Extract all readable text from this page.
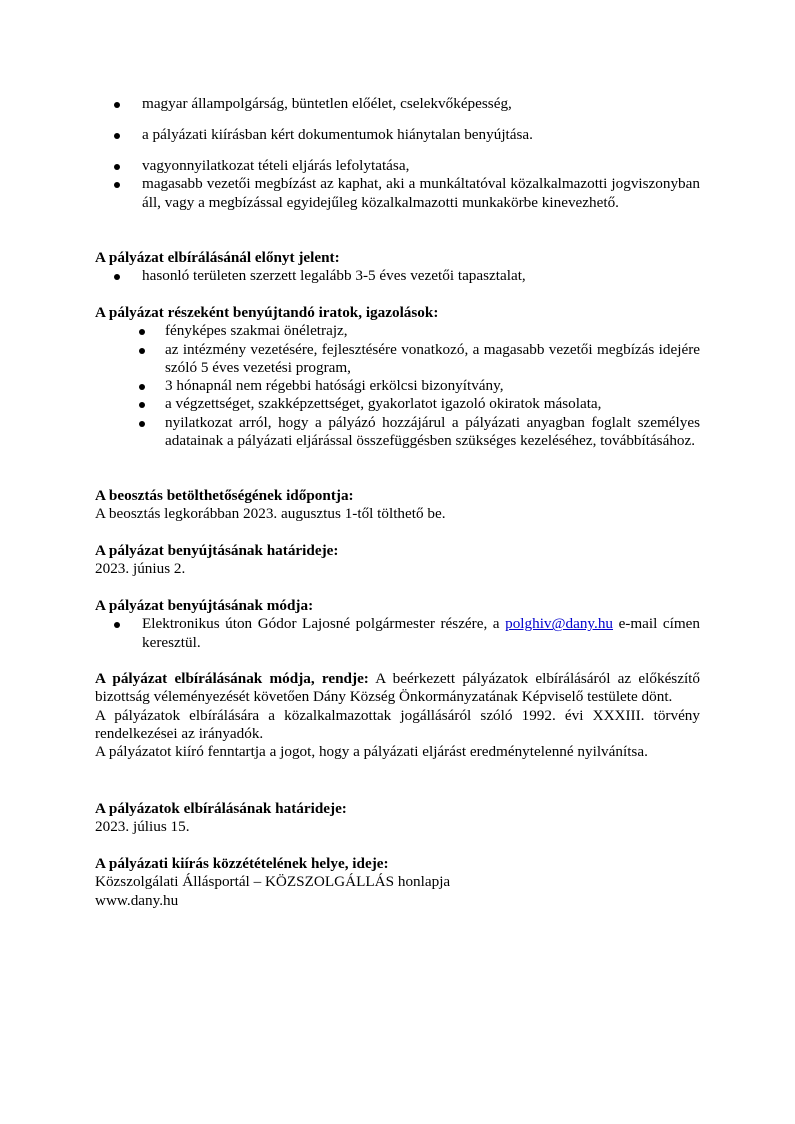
magyar állampolgárság, büntetlen előélet, cselekvőképesség,
a pályázati kiírásban kért dokumentumok hiánytalan benyújtása.
vagyonnyilatkozat tételi eljárás lefolytatása,
magasabb vezetői megbízást az kaphat, aki a munkáltatóval közalkalmazotti jogviszonyban áll, vagy a megbízással egyidejűleg közalkalmazotti munkakörbe kinevezhető.
A pályázat elbírálásánál előnyt jelent:
hasonló területen szerzett legalább 3-5 éves vezetői tapasztalat,
A pályázat részeként benyújtandó iratok, igazolások:
fényképes szakmai önéletrajz,
az intézmény vezetésére, fejlesztésére vonatkozó, a magasabb vezetői megbízás idejére szóló 5 éves vezetési program,
3 hónapnál nem régebbi hatósági erkölcsi bizonyítvány,
a végzettséget, szakképzettséget, gyakorlatot igazoló okiratok másolata,
nyilatkozat arról, hogy a pályázó hozzájárul a pályázati anyagban foglalt személyes adatainak a pályázati eljárással összefüggésben szükséges kezeléséhez, továbbításához.
A beosztás betölthetőségének időpontja:

A beosztás legkorábban 2023. augusztus 1-től tölthető be.

A pályázat benyújtásának határideje:

2023. június 2.

A pályázat benyújtásának módja:
Elektronikus úton Gódor Lajosné polgármester részére, a polghiv@dany.hu e-mail címen keresztül.

A pályázat elbírálásának módja, rendje: A beérkezett pályázatok elbírálásáról az előkészítő bizottság véleményezését követően Dány Község Önkormányzatának Képviselő testülete dönt.

A pályázatok elbírálására a közalkalmazottak jogállásáról szóló 1992. évi XXXIII. törvény rendelkezései az irányadók.

A pályázatot kiíró fenntartja a jogot, hogy a pályázati eljárást eredménytelenné nyilvánítsa.

A pályázatok elbírálásának határideje:

2023. július 15.

A pályázati kiírás közzétételének helye, ideje:

Közszolgálati Állásportál – KÖZSZOLGÁLLÁS honlapja

www.dany.hu
